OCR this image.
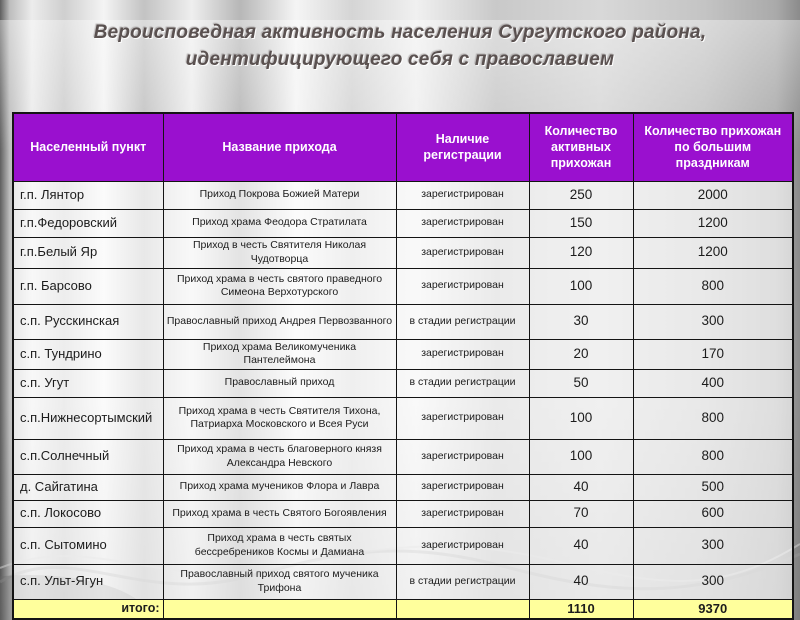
Вероисповедная активность населения Сургутского района, идентифицирующего себя с православием
Населенный пункт	Название прихода	Наличие регистрации	Количество активных прихожан	Количество прихожан по большим праздникам
г.п. Лянтор	Приход Покрова Божией Матери	зарегистрирован	250	2000
г.п.Федоровский	Приход храма Феодора Стратилата	зарегистрирован	150	1200
г.п.Белый Яр	Приход в честь Святителя Николая Чудотворца	зарегистрирован	120	1200
г.п. Барсово	Приход храма в честь святого праведного Симеона Верхотурского	зарегистрирован	100	800
с.п. Русскинская	Православный приход Андрея Первозванного	в стадии регистрации	30	300
с.п. Тундрино	Приход храма Великомученика Пантелеймона	зарегистрирован	20	170
с.п. Угут	Православный приход	в стадии регистрации	50	400
с.п.Нижнесортымский	Приход храма в честь Святителя Тихона, Патриарха Московского и Всея Руси	зарегистрирован	100	800
с.п.Солнечный	Приход храма в честь благоверного князя Александра Невского	зарегистрирован	100	800
д. Сайгатина	Приход храма мучеников Флора и Лавра	зарегистрирован	40	500
с.п. Локосово	Приход храма в честь Святого Богоявления	зарегистрирован	70	600
с.п. Сытомино	Приход храма в честь святых бессребреников Космы и Дамиана	зарегистрирован	40	300
с.п. Ульт-Ягун	Православный приход святого мученика Трифона	в стадии регистрации	40	300
итого:			1110	9370
